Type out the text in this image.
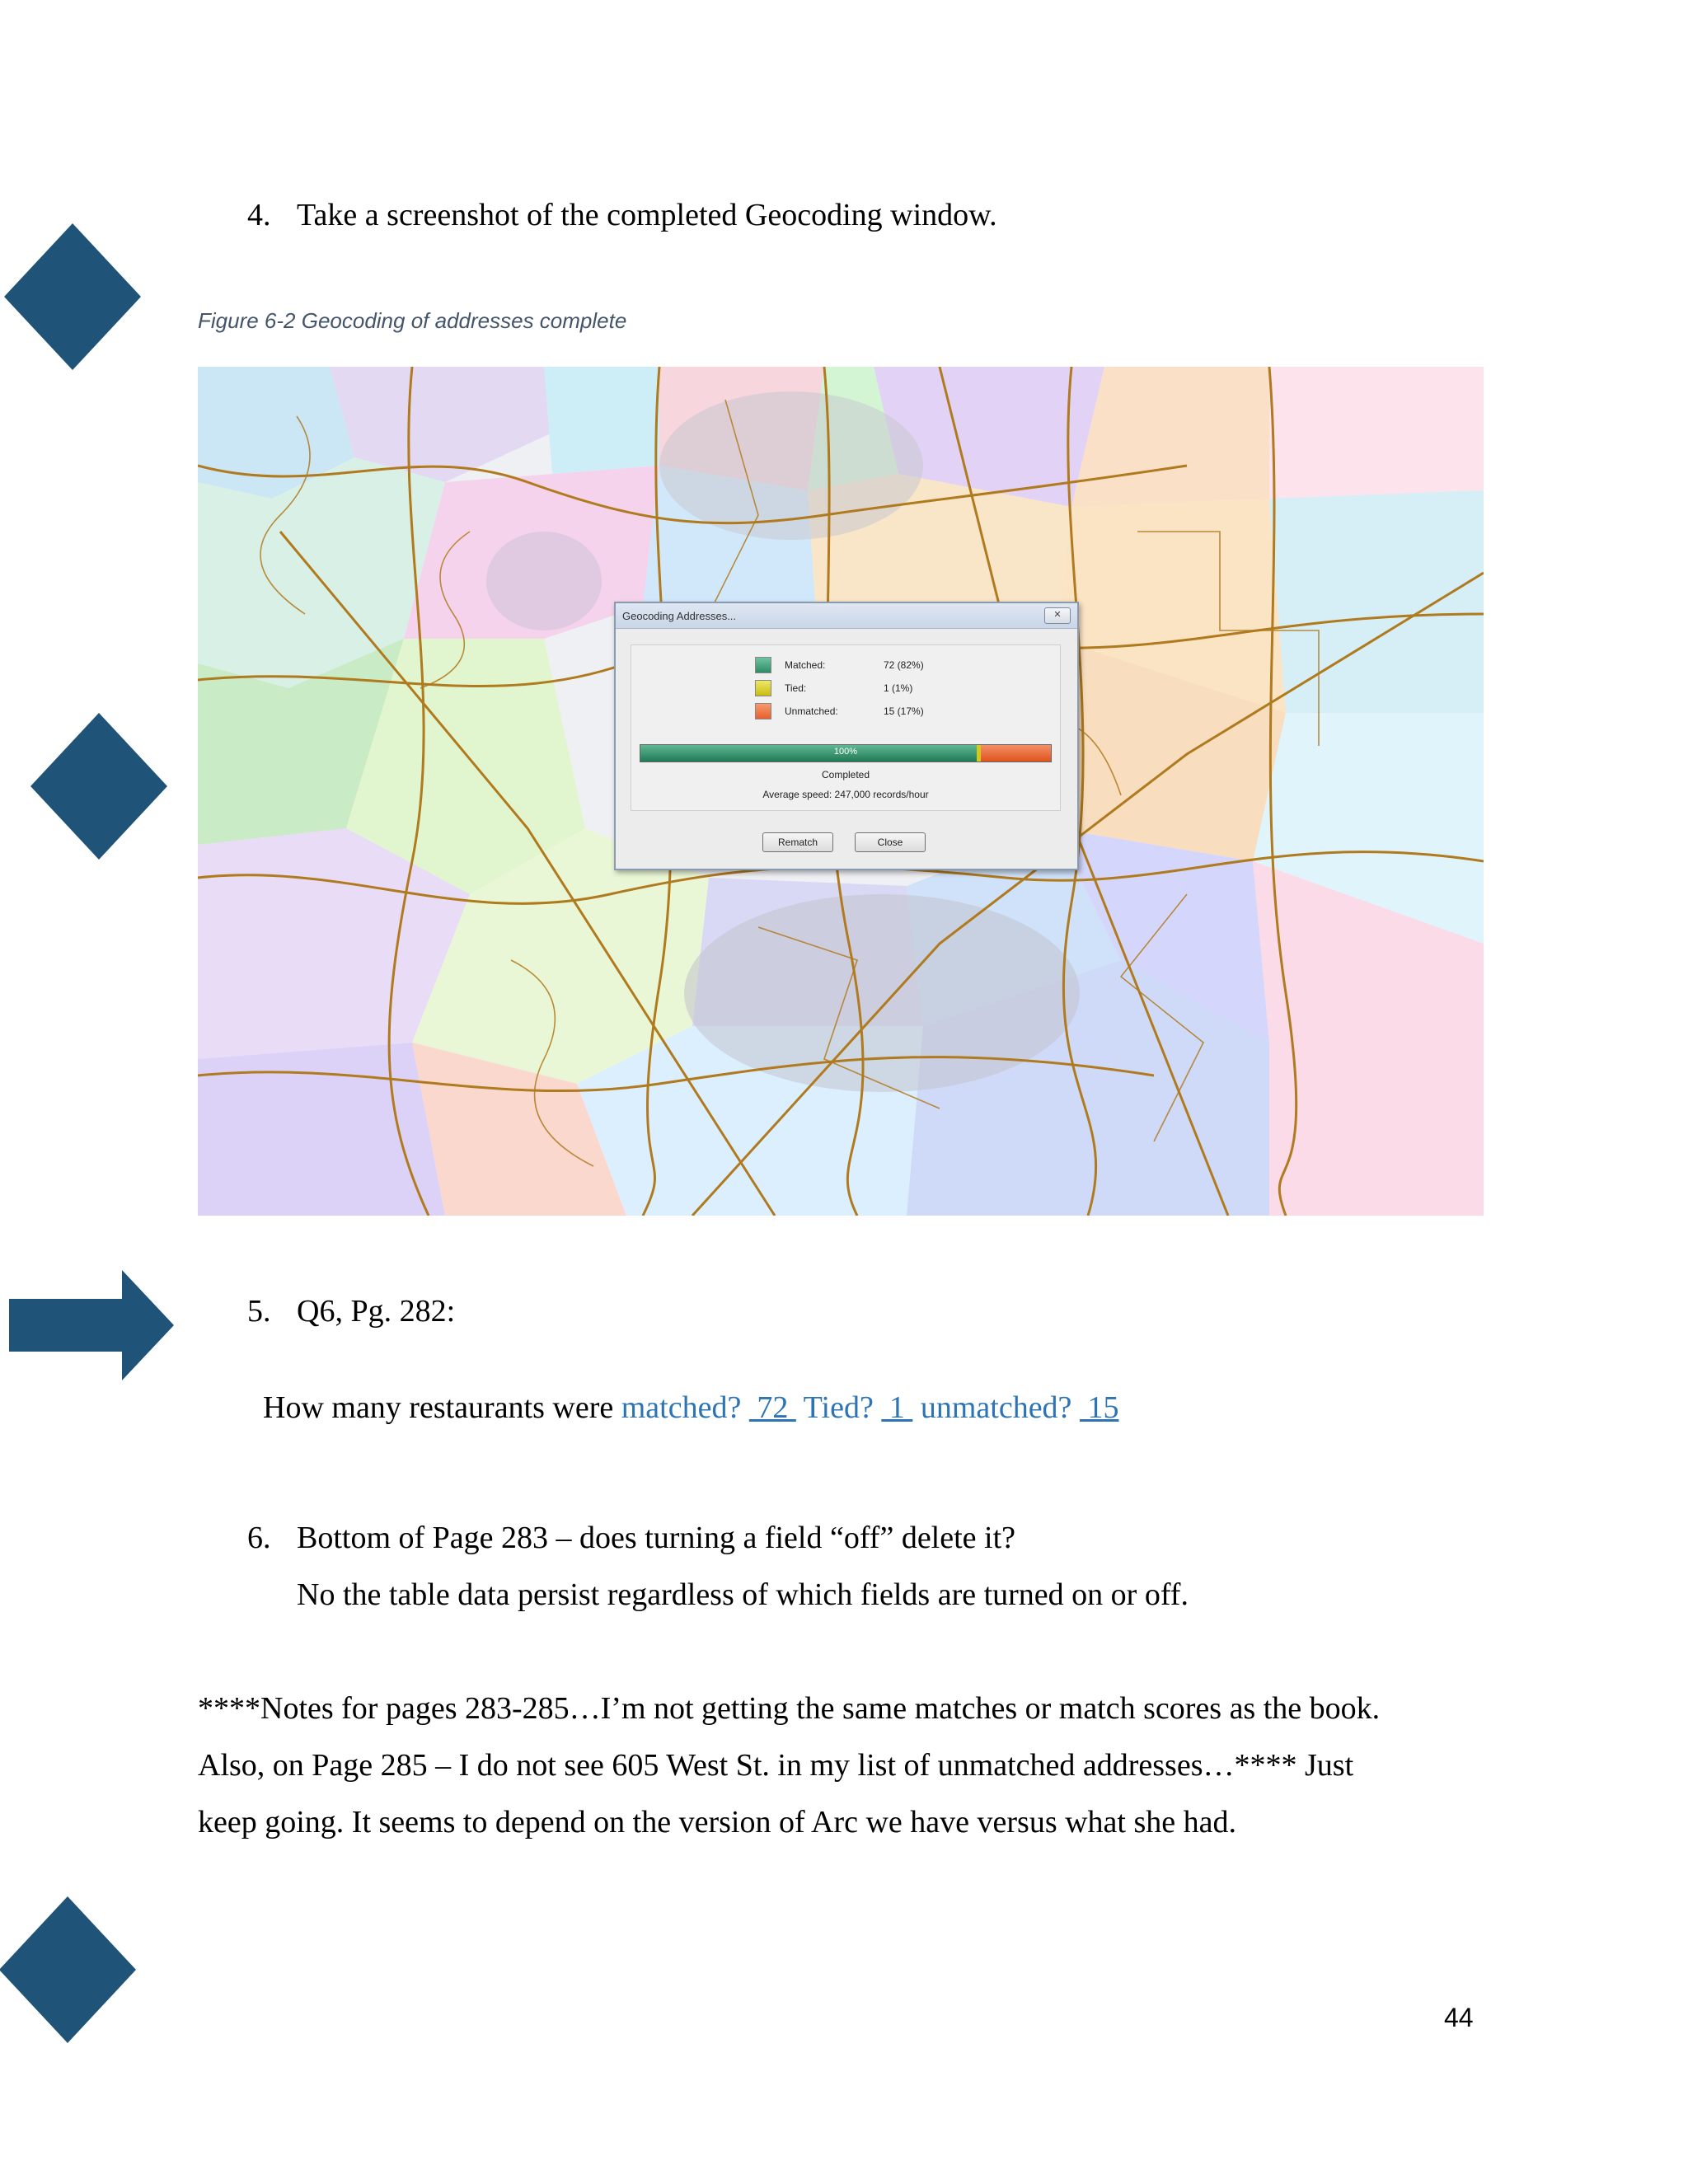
4. Take a screenshot of the completed Geocoding window.
Figure 6-2 Geocoding of addresses complete
Geocoding Addresses...	✕
Matched:	72 (82%)
Tied:	1 (1%)
Unmatched:	15 (17%)
100%
Completed
Average speed: 247,000 records/hour
Rematch	Close
5. Q6, Pg. 282:

How many restaurants were matched?  72  Tied?  1  unmatched?  15

6. Bottom of Page 283 – does turning a field “off” delete it?
No the table data persist regardless of which fields are turned on or off.
****Notes for pages 283-285…I’m not getting the same matches or match scores as the book.
Also, on Page 285 – I do not see 605 West St. in my list of unmatched addresses…**** Just
keep going. It seems to depend on the version of Arc we have versus what she had.
44
